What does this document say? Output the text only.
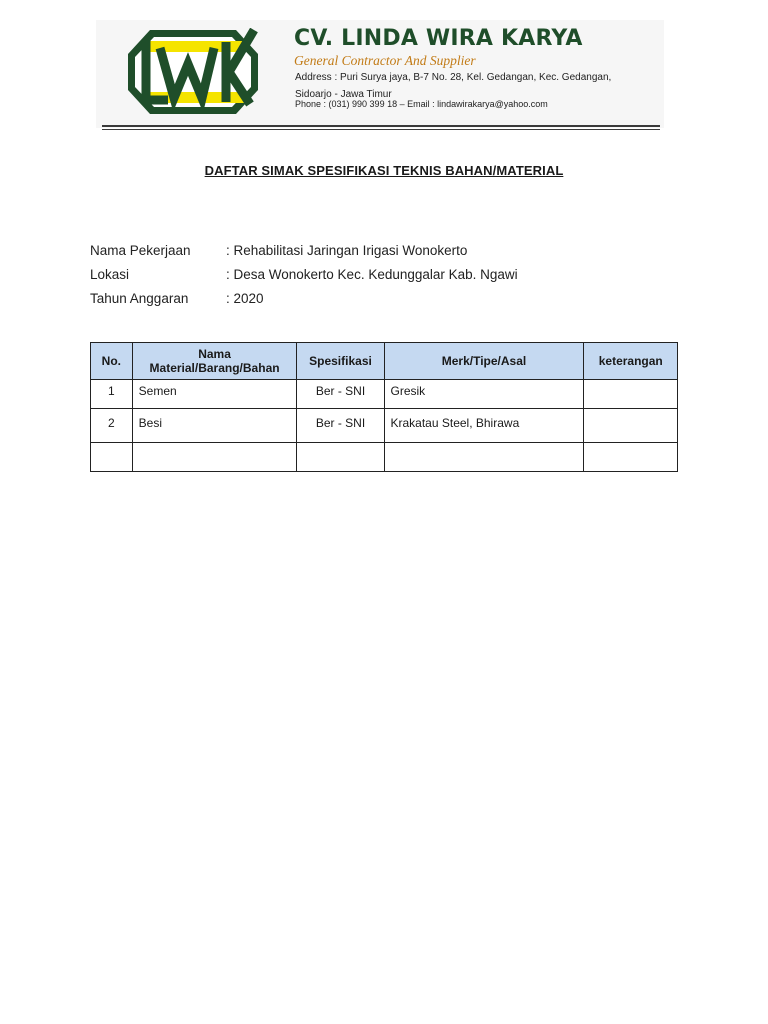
CV. LINDA WIRA KARYA
General Contractor And Supplier
Address : Puri Surya jaya, B-7 No. 28, Kel. Gedangan, Kec. Gedangan, Sidoarjo - Jawa Timur
Phone : (031) 990 399 18 – Email : lindawirakarya@yahoo.com
DAFTAR SIMAK SPESIFIKASI TEKNIS BAHAN/MATERIAL
Nama Pekerjaan	: Rehabilitasi Jaringan Irigasi Wonokerto
Lokasi	: Desa Wonokerto Kec. Kedunggalar Kab. Ngawi
Tahun Anggaran	: 2020
No.	Nama Material/Barang/Bahan	Spesifikasi	Merk/Tipe/Asal	keterangan
1	Semen	Ber - SNI	Gresik	
2	Besi	Ber - SNI	Krakatau Steel, Bhirawa	
